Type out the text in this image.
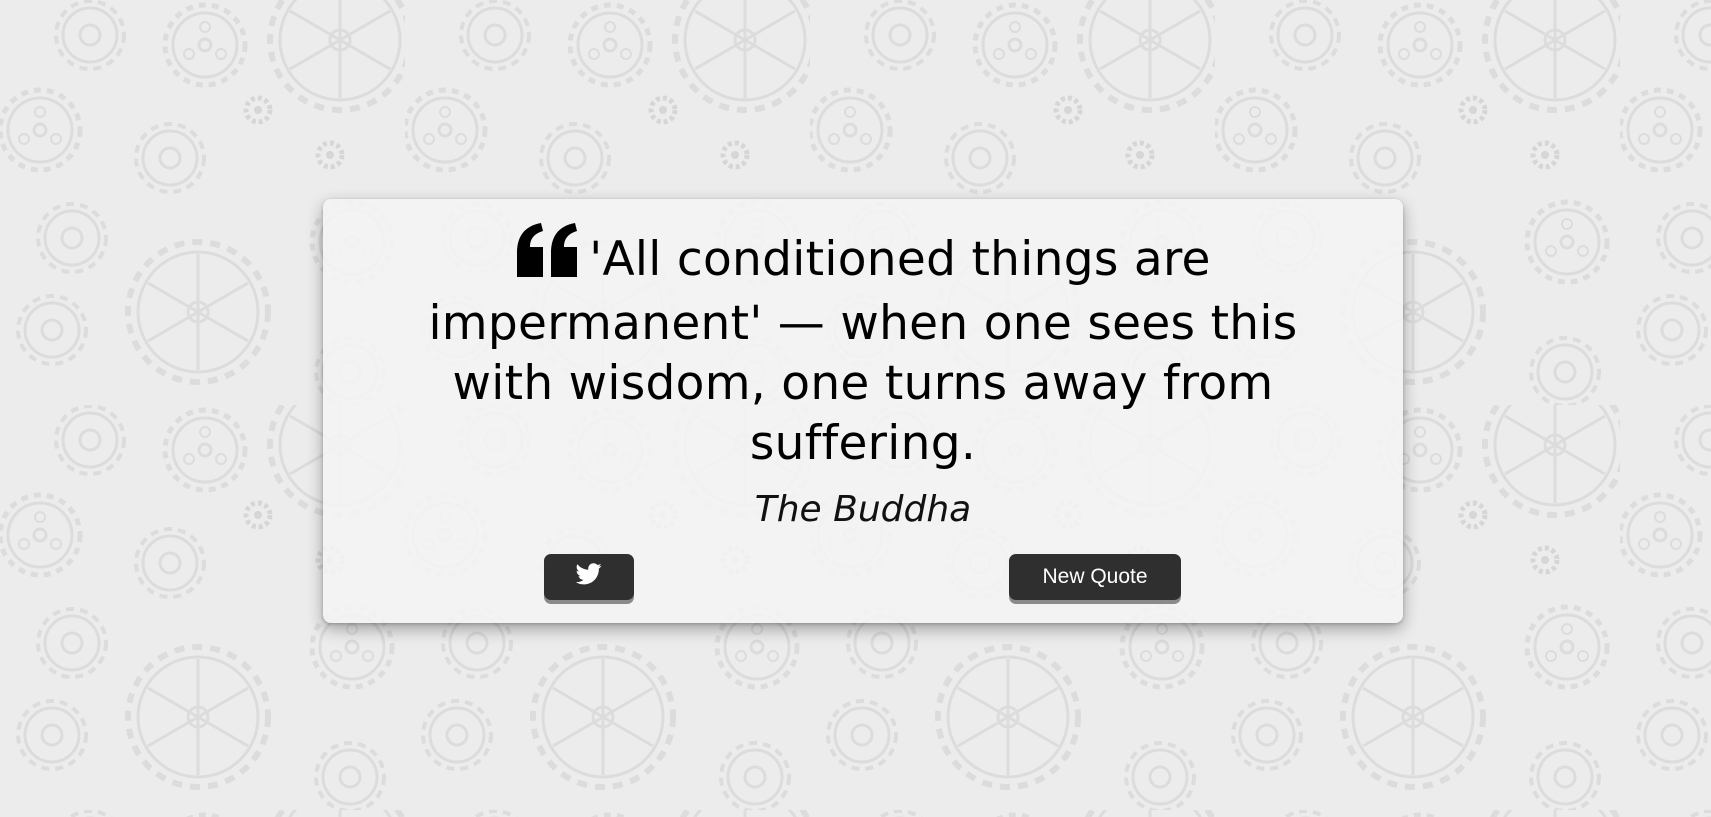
'All conditioned things are impermanent' — when one sees this with wisdom, one turns away from suffering.

The Buddha
New Quote
